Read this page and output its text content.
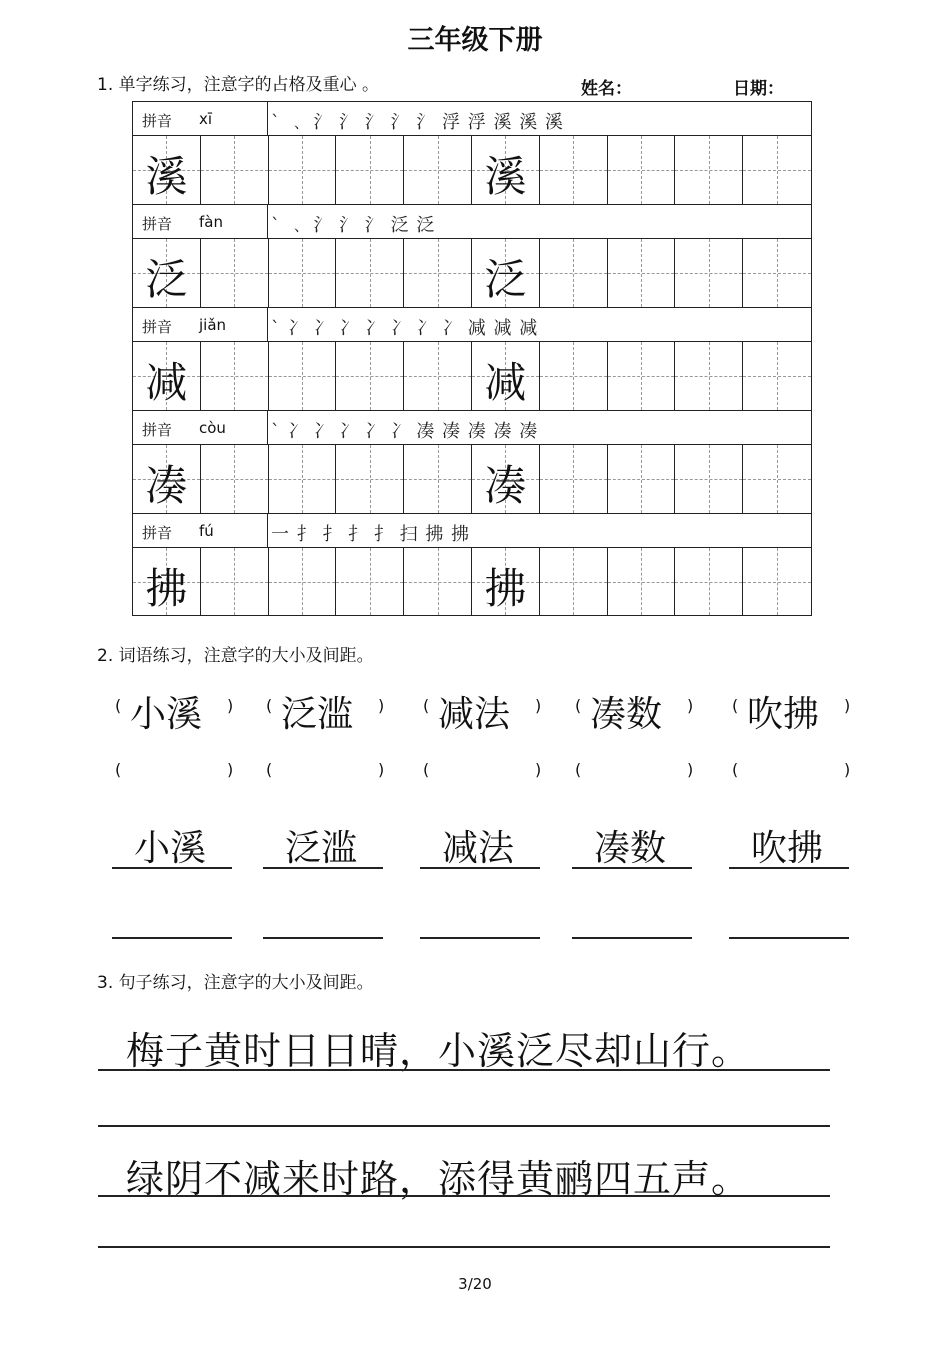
三年级下册
1. 单字练习，注意字的占格及重心 。	姓名：	日期：
拼音 xī	` ﹑ 氵 氵 氵 氵 氵 浮 浮 溪 溪 溪
溪	溪
拼音 fàn	` ﹑ 氵 氵 氵 泛 泛
泛	泛
拼音 jiǎn ` 冫 冫 冫 冫 冫 冫 冫 减 减 减
减	减
拼音 còu	` 冫 冫 冫 冫 冫 凑 凑 凑 凑 凑
凑	凑
拼音 fú	一 扌 扌 扌 扌 扫 拂 拂
拂	拂
2. 词语练习，注意字的大小及间距。
( 小溪 )
(	)
小溪
( 泛滥 )
(	)
泛滥
( 减法 )
(	)
减法
( 凑数 )
(	)
凑数
( 吹拂 )
(	)
吹拂
3. 句子练习，注意字的大小及间距。
梅子黄时日日晴，小溪泛尽却山行。
绿阴不减来时路，添得黄鹂四五声。
3/20
